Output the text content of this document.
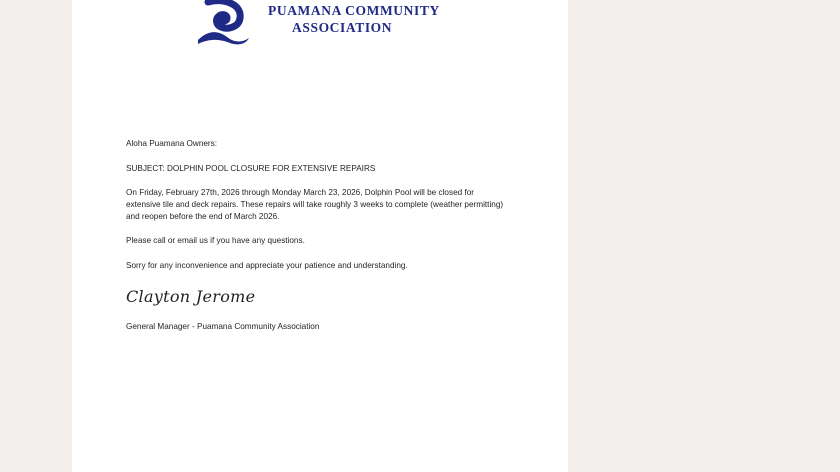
PUAMANA COMMUNITY
ASSOCIATION

Aloha Puamana Owners:

SUBJECT: DOLPHIN POOL CLOSURE FOR EXTENSIVE REPAIRS

On Friday, February 27th, 2026 through Monday March 23, 2026, Dolphin Pool will be closed for extensive tile and deck repairs. These repairs will take roughly 3 weeks to complete (weather permitting) and reopen before the end of March 2026.

Please call or email us if you have any questions.

Sorry for any inconvenience and appreciate your patience and understanding.

Clayton Jerome

General Manager - Puamana Community Association
